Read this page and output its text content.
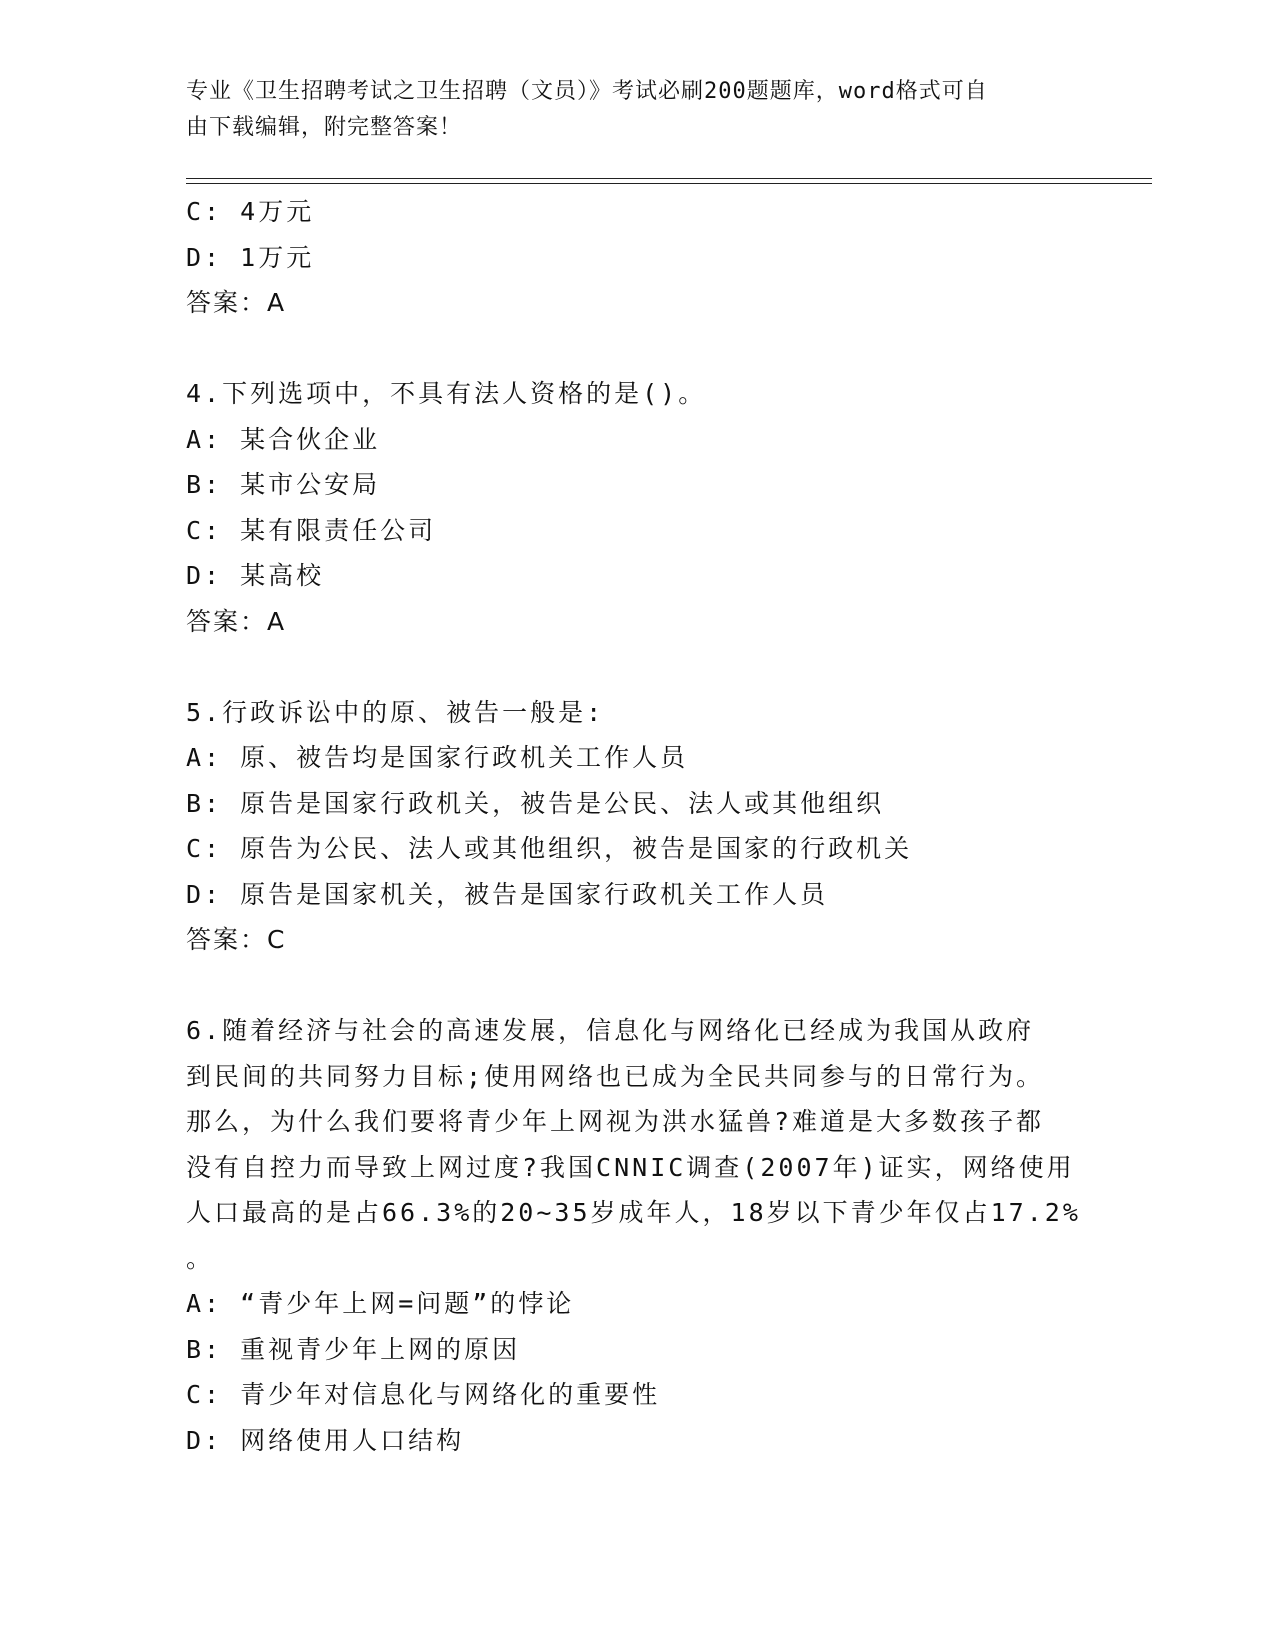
专业《卫生招聘考试之卫生招聘（文员）》考试必刷200题题库，word格式可自
由下载编辑，附完整答案！
C: 4万元
D: 1万元
答案：A
4.下列选项中，不具有法人资格的是()。
A: 某合伙企业
B: 某市公安局
C: 某有限责任公司
D: 某高校
答案：A
5.行政诉讼中的原、被告一般是:
A: 原、被告均是国家行政机关工作人员
B: 原告是国家行政机关，被告是公民、法人或其他组织
C: 原告为公民、法人或其他组织，被告是国家的行政机关
D: 原告是国家机关，被告是国家行政机关工作人员
答案：C
6.随着经济与社会的高速发展，信息化与网络化已经成为我国从政府
到民间的共同努力目标;使用网络也已成为全民共同参与的日常行为。
那么，为什么我们要将青少年上网视为洪水猛兽?难道是大多数孩子都
没有自控力而导致上网过度?我国CNNIC调查(2007年)证实，网络使用
人口最高的是占66.3%的20~35岁成年人，18岁以下青少年仅占17.2%
。
A: “青少年上网=问题”的悖论
B: 重视青少年上网的原因
C: 青少年对信息化与网络化的重要性
D: 网络使用人口结构
